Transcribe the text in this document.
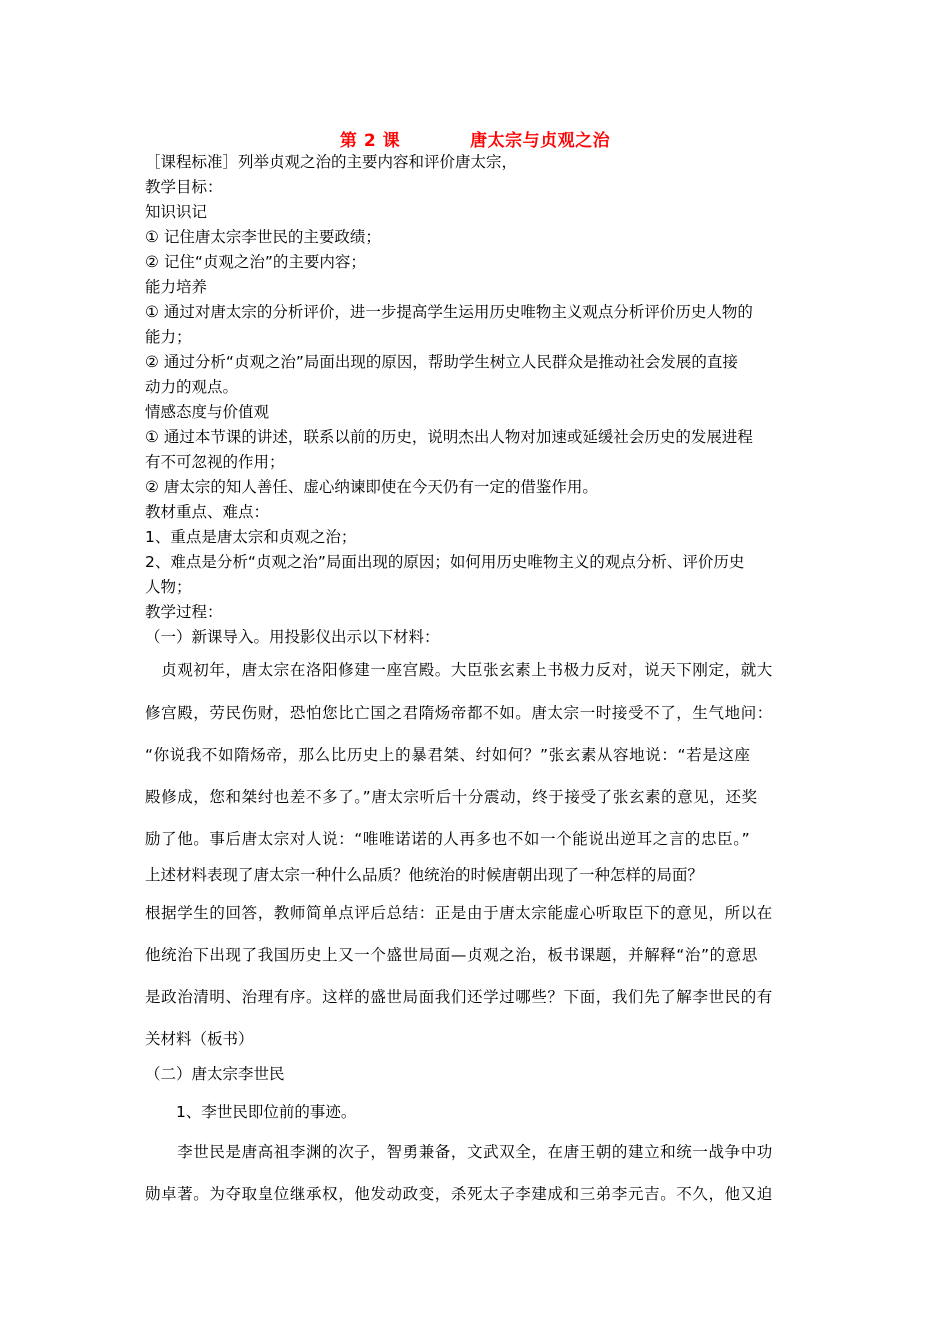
第 2 课　　　　	唐太宗与贞观之治
［课程标准］列举贞观之治的主要内容和评价唐太宗，
教学目标：
知识识记
① 记住唐太宗李世民的主要政绩；
② 记住“贞观之治”的主要内容；
能力培养
① 通过对唐太宗的分析评价，进一步提高学生运用历史唯物主义观点分析评价历史人物的
能力；
② 通过分析“贞观之治”局面出现的原因，帮助学生树立人民群众是推动社会发展的直接
动力的观点。
情感态度与价值观
① 通过本节课的讲述，联系以前的历史，说明杰出人物对加速或延缓社会历史的发展进程
有不可忽视的作用；
② 唐太宗的知人善任、虚心纳谏即使在今天仍有一定的借鉴作用。
教材重点、难点：
1、重点是唐太宗和贞观之治；
2、难点是分析“贞观之治”局面出现的原因；如何用历史唯物主义的观点分析、评价历史
人物；
教学过程：
（一）新课导入。用投影仪出示以下材料：
　贞观初年，唐太宗在洛阳修建一座宫殿。大臣张玄素上书极力反对，说天下刚定，就大
修宫殿，劳民伤财，恐怕您比亡国之君隋炀帝都不如。唐太宗一时接受不了，生气地问：
“你说我不如隋炀帝，那么比历史上的暴君桀、纣如何？”张玄素从容地说：“若是这座
殿修成，您和桀纣也差不多了。”唐太宗听后十分震动，终于接受了张玄素的意见，还奖
励了他。事后唐太宗对人说：“唯唯诺诺的人再多也不如一个能说出逆耳之言的忠臣。”
上述材料表现了唐太宗一种什么品质？他统治的时候唐朝出现了一种怎样的局面？
根据学生的回答，教师简单点评后总结：正是由于唐太宗能虚心听取臣下的意见，所以在
他统治下出现了我国历史上又一个盛世局面—贞观之治，板书课题，并解释“治”的意思
是政治清明、治理有序。这样的盛世局面我们还学过哪些？下面，我们先了解李世民的有
关材料（板书）
（二）唐太宗李世民
　　1、李世民即位前的事迹。
　　李世民是唐高祖李渊的次子，智勇兼备，文武双全，在唐王朝的建立和统一战争中功
勋卓著。为夺取皇位继承权，他发动政变，杀死太子李建成和三弟李元吉。不久，他又迫
